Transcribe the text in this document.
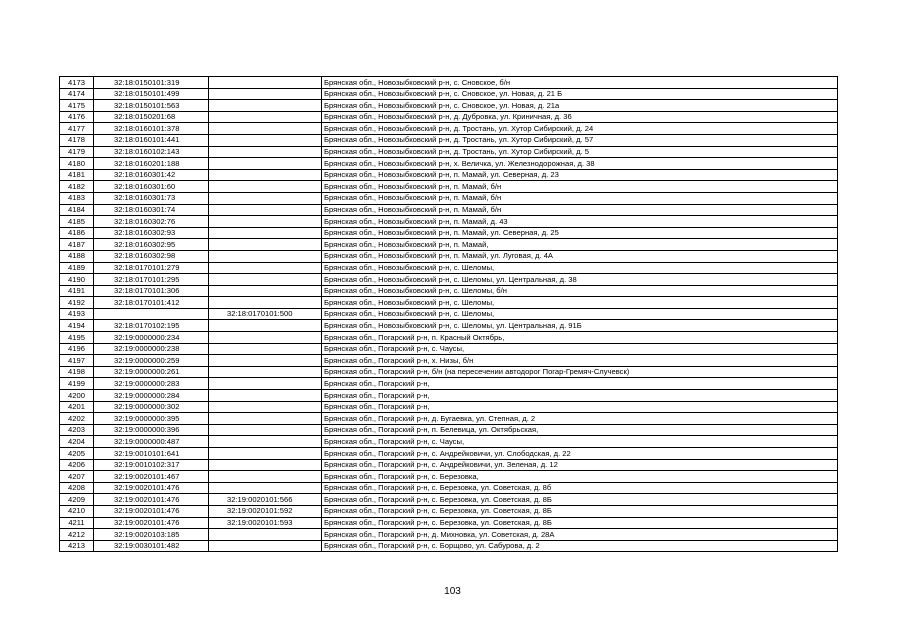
4173	32:18:0150101:319		Брянская обл., Новозыбковский р-н, с. Сновское, б/н
4174	32:18:0150101:499		Брянская обл., Новозыбковский р-н, с. Сновское, ул. Новая, д. 21 Б
4175	32:18:0150101:563		Брянская обл., Новозыбковский р-н, с. Сновское, ул. Новая, д. 21а
4176	32:18:0150201:68		Брянская обл., Новозыбковский р-н, д. Дубровка, ул. Криничная, д. 36
4177	32:18:0160101:378		Брянская обл., Новозыбковский р-н, д. Тростань, ул. Хутор Сибирский, д. 24
4178	32:18:0160101:441		Брянская обл., Новозыбковский р-н, д. Тростань, ул. Хутор Сибирский, д. 57
4179	32:18:0160102:143		Брянская обл., Новозыбковский р-н, д. Тростань, ул. Хутор Сибирский, д. 5
4180	32:18:0160201:188		Брянская обл., Новозыбковский р-н, х. Величка, ул. Железнодорожная, д. 38
4181	32:18:0160301:42		Брянская обл., Новозыбковский р-н, п. Мамай, ул. Северная, д. 23
4182	32:18:0160301:60		Брянская обл., Новозыбковский р-н, п. Мамай, б/н
4183	32:18:0160301:73		Брянская обл., Новозыбковский р-н, п. Мамай, б/н
4184	32:18:0160301:74		Брянская обл., Новозыбковский р-н, п. Мамай, б/н
4185	32:18:0160302:76		Брянская обл., Новозыбковский р-н, п. Мамай, д. 43
4186	32:18:0160302:93		Брянская обл., Новозыбковский р-н, п. Мамай, ул. Северная, д. 25
4187	32:18:0160302:95		Брянская обл., Новозыбковский р-н, п. Мамай,
4188	32:18:0160302:98		Брянская обл., Новозыбковский р-н, п. Мамай, ул. Луговая, д. 4А
4189	32:18:0170101:279		Брянская обл., Новозыбковский р-н, с. Шеломы,
4190	32:18:0170101:295		Брянская обл., Новозыбковский р-н, с. Шеломы, ул. Центральная, д. 38
4191	32:18:0170101:306		Брянская обл., Новозыбковский р-н, с. Шеломы, б/н
4192	32:18:0170101:412		Брянская обл., Новозыбковский р-н, с. Шеломы,
4193		32:18:0170101:500	Брянская обл., Новозыбковский р-н, с. Шеломы,
4194	32:18:0170102:195		Брянская обл., Новозыбковский р-н, с. Шеломы, ул. Центральная, д. 91Б
4195	32:19:0000000:234		Брянская обл., Погарский р-н, п. Красный Октябрь,
4196	32:19:0000000:238		Брянская обл., Погарский р-н, с. Чаусы,
4197	32:19:0000000:259		Брянская обл., Погарский р-н, х. Низы, б/н
4198	32:19:0000000:261		Брянская обл., Погарский р-н, б/н (на пересечении автодорог Погар-Гремяч-Случевск)
4199	32:19:0000000:283		Брянская обл., Погарский р-н,
4200	32:19:0000000:284		Брянская обл., Погарский р-н,
4201	32:19:0000000:302		Брянская обл., Погарский р-н,
4202	32:19:0000000:395		Брянская обл., Погарский р-н, д. Бугаевка, ул. Степная, д. 2
4203	32:19:0000000:396		Брянская обл., Погарский р-н, п. Белевица, ул. Октябрьская,
4204	32:19:0000000:487		Брянская обл., Погарский р-н, с. Чаусы,
4205	32:19:0010101:641		Брянская обл., Погарский р-н, с. Андрейковичи, ул. Слободская, д. 22
4206	32:19:0010102:317		Брянская обл., Погарский р-н, с. Андрейковичи, ул. Зеленая, д. 12
4207	32:19:0020101:467		Брянская обл., Погарский р-н, с. Березовка,
4208	32:19:0020101:476		Брянская обл., Погарский р-н, с. Березовка, ул. Советская, д. 8б
4209	32:19:0020101:476	32:19:0020101:566	Брянская обл., Погарский р-н, с. Березовка, ул. Советская, д. 8Б
4210	32:19:0020101:476	32:19:0020101:592	Брянская обл., Погарский р-н, с. Березовка, ул. Советская, д. 8Б
4211	32:19:0020101:476	32:19:0020101:593	Брянская обл., Погарский р-н, с. Березовка, ул. Советская, д. 8Б
4212	32:19:0020103:185		Брянская обл., Погарский р-н, д. Михновка, ул. Советская, д. 28А
4213	32:19:0030101:482		Брянская обл., Погарский р-н, с. Борщово, ул. Сабурова, д. 2
103
